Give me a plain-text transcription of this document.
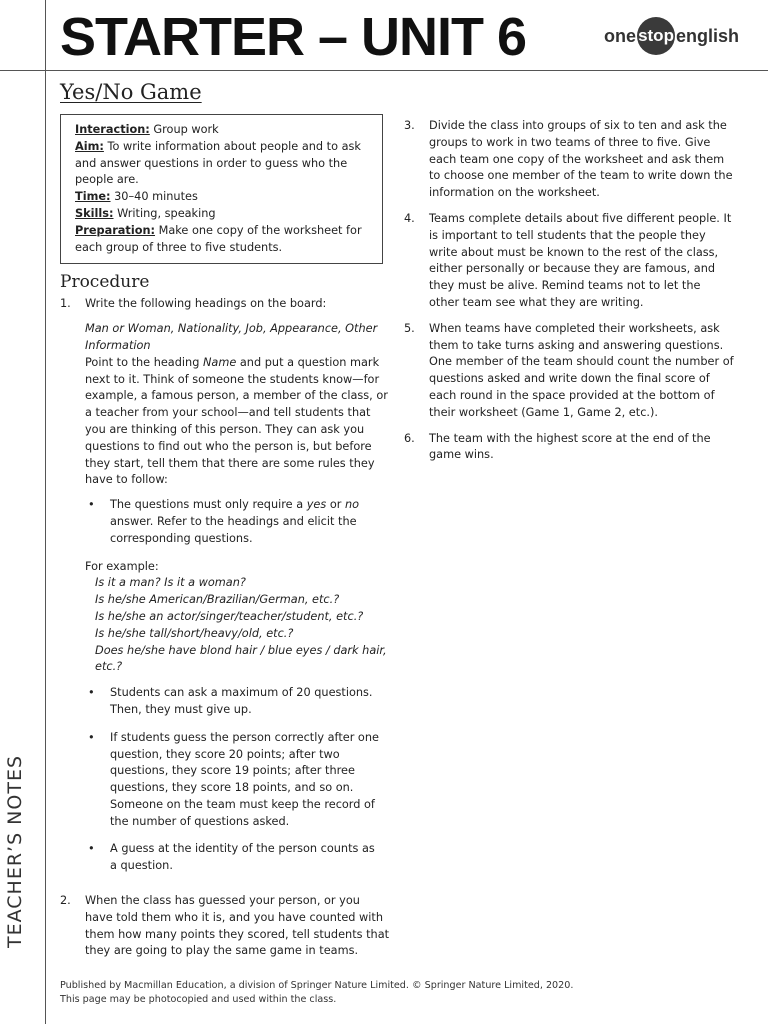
STARTER – UNIT 6	one stop english
TEACHER’S NOTES
Yes/No Game
Interaction: Group work
Aim: To write information about people and to ask and answer questions in order to guess who the people are.
Time: 30–40 minutes
Skills: Writing, speaking
Preparation: Make one copy of the worksheet for each group of three to five students.
Procedure
1.	Write the following headings on the board:
Man or Woman, Nationality, Job, Appearance, Other Information
Point to the heading Name and put a question mark next to it. Think of someone the students know—for example, a famous person, a member of the class, or a teacher from your school—and tell students that you are thinking of this person. They can ask you questions to find out who the person is, but before they start, tell them that there are some rules they have to follow:
•	The questions must only require a yes or no answer. Refer to the headings and elicit the corresponding questions.
For example:
Is it a man? Is it a woman?
Is he/she American/Brazilian/German, etc.?
Is he/she an actor/singer/teacher/student, etc.?
Is he/she tall/short/heavy/old, etc.?
Does he/she have blond hair / blue eyes / dark hair, etc.?
•	Students can ask a maximum of 20 questions. Then, they must give up.
•	If students guess the person correctly after one question, they score 20 points; after two questions, they score 19 points; after three questions, they score 18 points, and so on. Someone on the team must keep the record of the number of questions asked.
•	A guess at the identity of the person counts as a question.
2.	When the class has guessed your person, or you have told them who it is, and you have counted with them how many points they scored, tell students that they are going to play the same game in teams.
3.	Divide the class into groups of six to ten and ask the groups to work in two teams of three to five. Give each team one copy of the worksheet and ask them to choose one member of the team to write down the information on the worksheet.
4.	Teams complete details about five different people. It is important to tell students that the people they write about must be known to the rest of the class, either personally or because they are famous, and they must be alive. Remind teams not to let the other team see what they are writing.
5.	When teams have completed their worksheets, ask them to take turns asking and answering questions. One member of the team should count the number of questions asked and write down the final score of each round in the space provided at the bottom of their worksheet (Game 1, Game 2, etc.).
6.	The team with the highest score at the end of the game wins.
Published by Macmillan Education, a division of Springer Nature Limited. © Springer Nature Limited, 2020.
This page may be photocopied and used within the class.
